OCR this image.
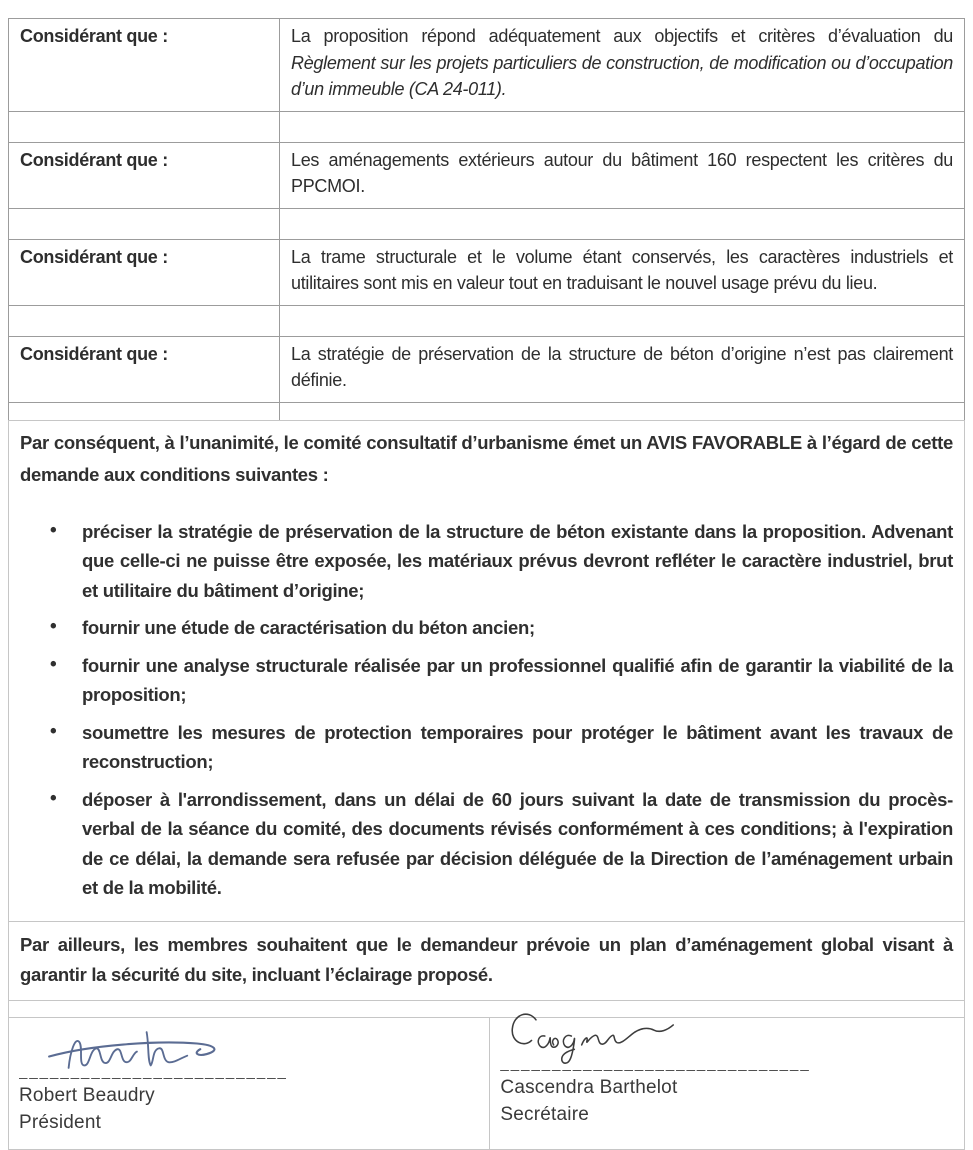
Considérant que :	La proposition répond adéquatement aux objectifs et critères d’évaluation du Règlement sur les projets particuliers de construction, de modification ou d’occupation d’un immeuble (CA 24-011).

Considérant que :	Les aménagements extérieurs autour du bâtiment 160 respectent les critères du PPCMOI.

Considérant que :	La trame structurale et le volume étant conservés, les caractères industriels et utilitaires sont mis en valeur tout en traduisant le nouvel usage prévu du lieu.

Considérant que :	La stratégie de préservation de la structure de béton d’origine n’est pas clairement définie.

Par conséquent, à l’unanimité, le comité consultatif d’urbanisme émet un AVIS FAVORABLE à l’égard de cette demande aux conditions suivantes :

• préciser la stratégie de préservation de la structure de béton existante dans la proposition. Advenant que celle-ci ne puisse être exposée, les matériaux prévus devront refléter le caractère industriel, brut et utilitaire du bâtiment d’origine;
• fournir une étude de caractérisation du béton ancien;
• fournir une analyse structurale réalisée par un professionnel qualifié afin de garantir la viabilité de la proposition;
• soumettre les mesures de protection temporaires pour protéger le bâtiment avant les travaux de reconstruction;
• déposer à l'arrondissement, dans un délai de 60 jours suivant la date de transmission du procès-verbal de la séance du comité, des documents révisés conformément à ces conditions; à l'expiration de ce délai, la demande sera refusée par décision déléguée de la Direction de l’aménagement urbain et de la mobilité.

Par ailleurs, les membres souhaitent que le demandeur prévoie un plan d’aménagement global visant à garantir la sécurité du site, incluant l’éclairage proposé.

__________________________
Robert Beaudry
Président
______________________________
Cascendra Barthelot
Secrétaire
